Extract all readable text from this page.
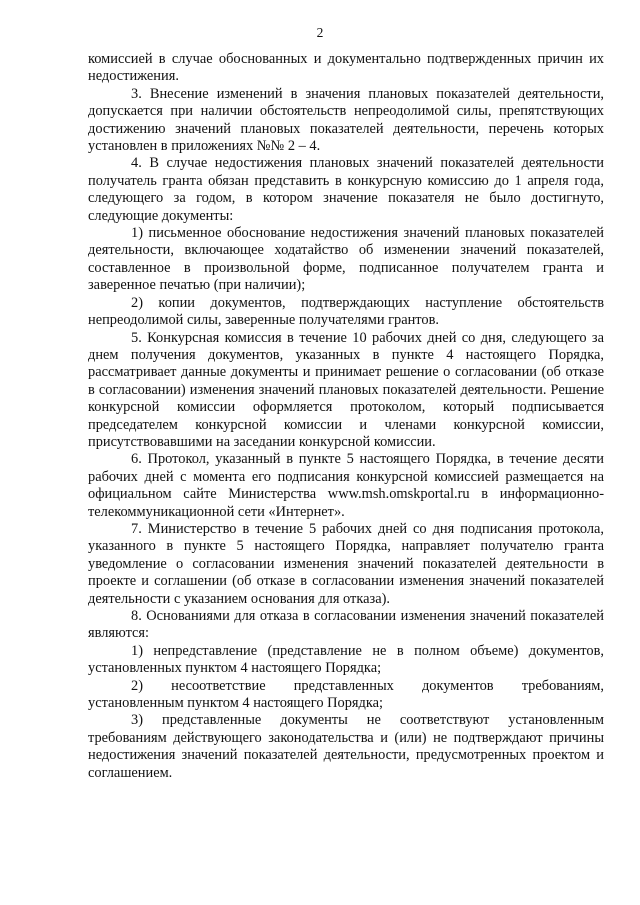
2

комиссией в случае обоснованных и документально подтвержденных причин их недостижения.

3. Внесение изменений в значения плановых показателей деятельности, допускается при наличии обстоятельств непреодолимой силы, препятствующих достижению значений плановых показателей деятельности, перечень которых установлен в приложениях №№ 2 – 4.

4. В случае недостижения плановых значений показателей деятельности получатель гранта обязан представить в конкурсную комиссию до 1 апреля года, следующего за годом, в котором значение показателя не было достигнуто, следующие документы:

1) письменное обоснование недостижения значений плановых показателей деятельности, включающее ходатайство об изменении значений показателей, составленное в произвольной форме, подписанное получателем гранта и заверенное печатью (при наличии);

2) копии документов, подтверждающих наступление обстоятельств непреодолимой силы, заверенные получателями грантов.

5. Конкурсная комиссия в течение 10 рабочих дней со дня, следующего за днем получения документов, указанных в пункте 4 настоящего Порядка, рассматривает данные документы и принимает решение о согласовании (об отказе в согласовании) изменения значений плановых показателей деятельности. Решение конкурсной комиссии оформляется протоколом, который подписывается председателем конкурсной комиссии и членами конкурсной комиссии, присутствовавшими на заседании конкурсной комиссии.

6. Протокол, указанный в пункте 5 настоящего Порядка, в течение десяти рабочих дней с момента его подписания конкурсной комиссией размещается на официальном сайте Министерства www.msh.omskportal.ru в информационно-телекоммуникационной сети «Интернет».

7. Министерство в течение 5 рабочих дней со дня подписания протокола, указанного в пункте 5 настоящего Порядка, направляет получателю гранта уведомление о согласовании изменения значений показателей деятельности в проекте и соглашении (об отказе в согласовании изменения значений показателей деятельности с указанием основания для отказа).

8. Основаниями для отказа в согласовании изменения значений показателей являются:

1) непредставление (представление не в полном объеме) документов, установленных пунктом 4 настоящего Порядка;

2) несоответствие представленных документов требованиям, установленным пунктом 4 настоящего Порядка;

3) представленные документы не соответствуют установленным требованиям действующего законодательства и (или) не подтверждают причины недостижения значений показателей деятельности, предусмотренных проектом и соглашением.
